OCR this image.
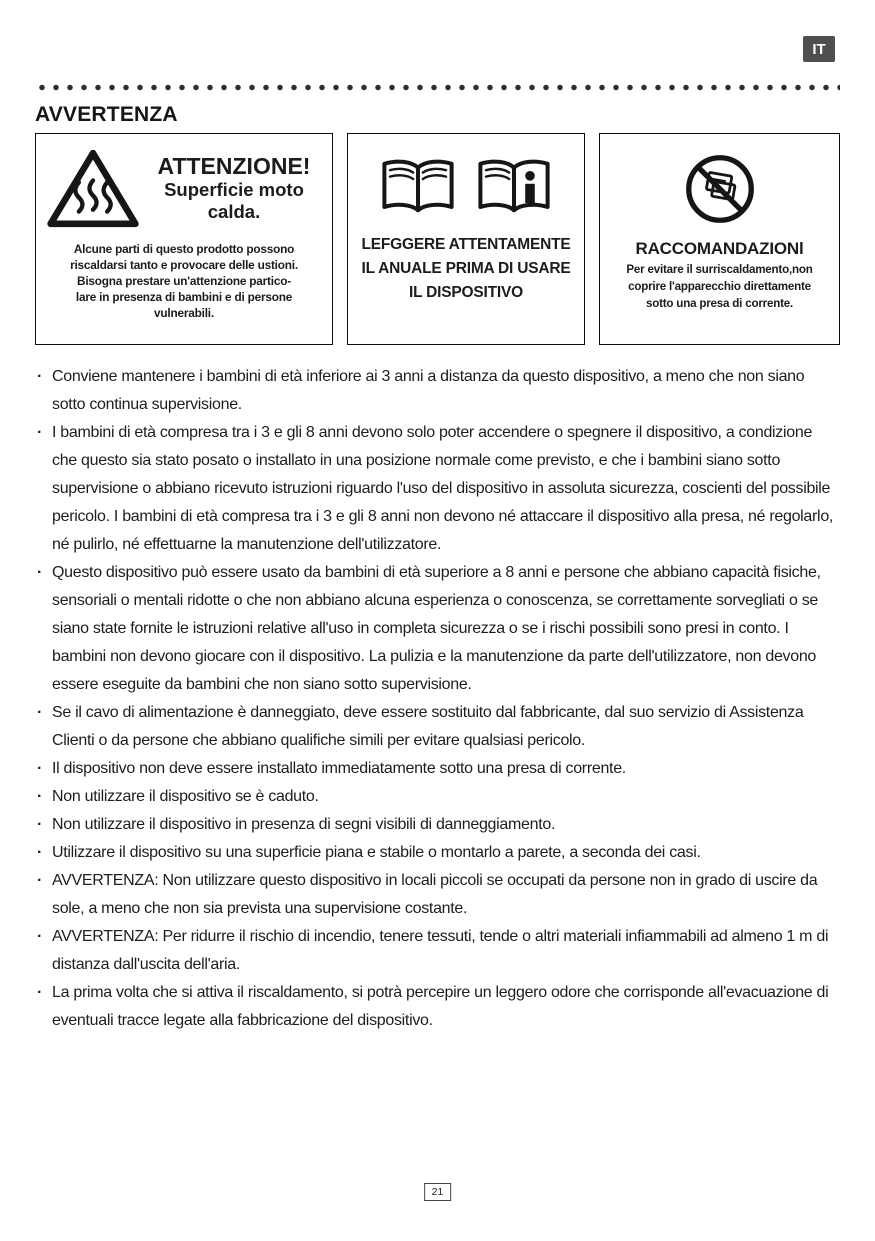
IT
AVVERTENZA
ATTENZIONE!
Superficie moto
calda.
Alcune parti di questo prodotto possono
riscaldarsi tanto e provocare delle ustioni.
Bisogna prestare un'attenzione partico-
lare in presenza di bambini e di persone
vulnerabili.
LEFGGERE ATTENTAMENTE
IL ANUALE PRIMA DI USARE
IL DISPOSITIVO
RACCOMANDAZIONl
Per evitare il surriscaldamento,non
coprire l'apparecchio direttamente
sotto una presa di corrente.
· Conviene mantenere i bambini di età inferiore ai 3 anni a distanza da questo dispositivo, a meno che non siano sotto continua supervisione.
· I bambini di età compresa tra i 3 e gli 8 anni devono solo poter accendere o spegnere il dispositivo, a condizione che questo sia stato posato o installato in una posizione normale come previsto, e che i bambini siano sotto supervisione o abbiano ricevuto istruzioni riguardo l'uso del dispositivo in assoluta sicurezza, coscienti del possibile pericolo. I bambini di età compresa tra i 3 e gli 8 anni non devono né attaccare il dispositivo alla presa, né regolarlo, né pulirlo, né effettuarne la manutenzione dell'utilizzatore.
· Questo dispositivo può essere usato da bambini di età superiore a 8 anni e persone che abbiano capacità fisiche, sensoriali o mentali ridotte o che non abbiano alcuna esperienza o conoscenza, se correttamente sorvegliati o se siano state fornite le istruzioni relative all'uso in completa sicurezza o se i rischi possibili sono presi in conto. I bambini non devono giocare con il dispositivo. La pulizia e la manutenzione da parte dell'utilizzatore, non devono essere eseguite da bambini che non siano sotto supervisione.
· Se il cavo di alimentazione è danneggiato, deve essere sostituito dal fabbricante, dal suo servizio di Assistenza Clienti o da persone che abbiano qualifiche simili per evitare qualsiasi pericolo.
· Il dispositivo non deve essere installato immediatamente sotto una presa di corrente.
· Non utilizzare il dispositivo se è caduto.
· Non utilizzare il dispositivo in presenza di segni visibili di danneggiamento.
· Utilizzare il dispositivo su una superficie piana e stabile o montarlo a parete, a seconda dei casi.
· AVVERTENZA: Non utilizzare questo dispositivo in locali piccoli se occupati da persone non in grado di uscire da sole, a meno che non sia prevista una supervisione costante.
· AVVERTENZA: Per ridurre il rischio di incendio, tenere tessuti, tende o altri materiali infiammabili ad almeno 1 m di distanza dall'uscita dell'aria.
· La prima volta che si attiva il riscaldamento, si potrà percepire un leggero odore che corrisponde all'evacuazione di eventuali tracce legate alla fabbricazione del dispositivo.
21
